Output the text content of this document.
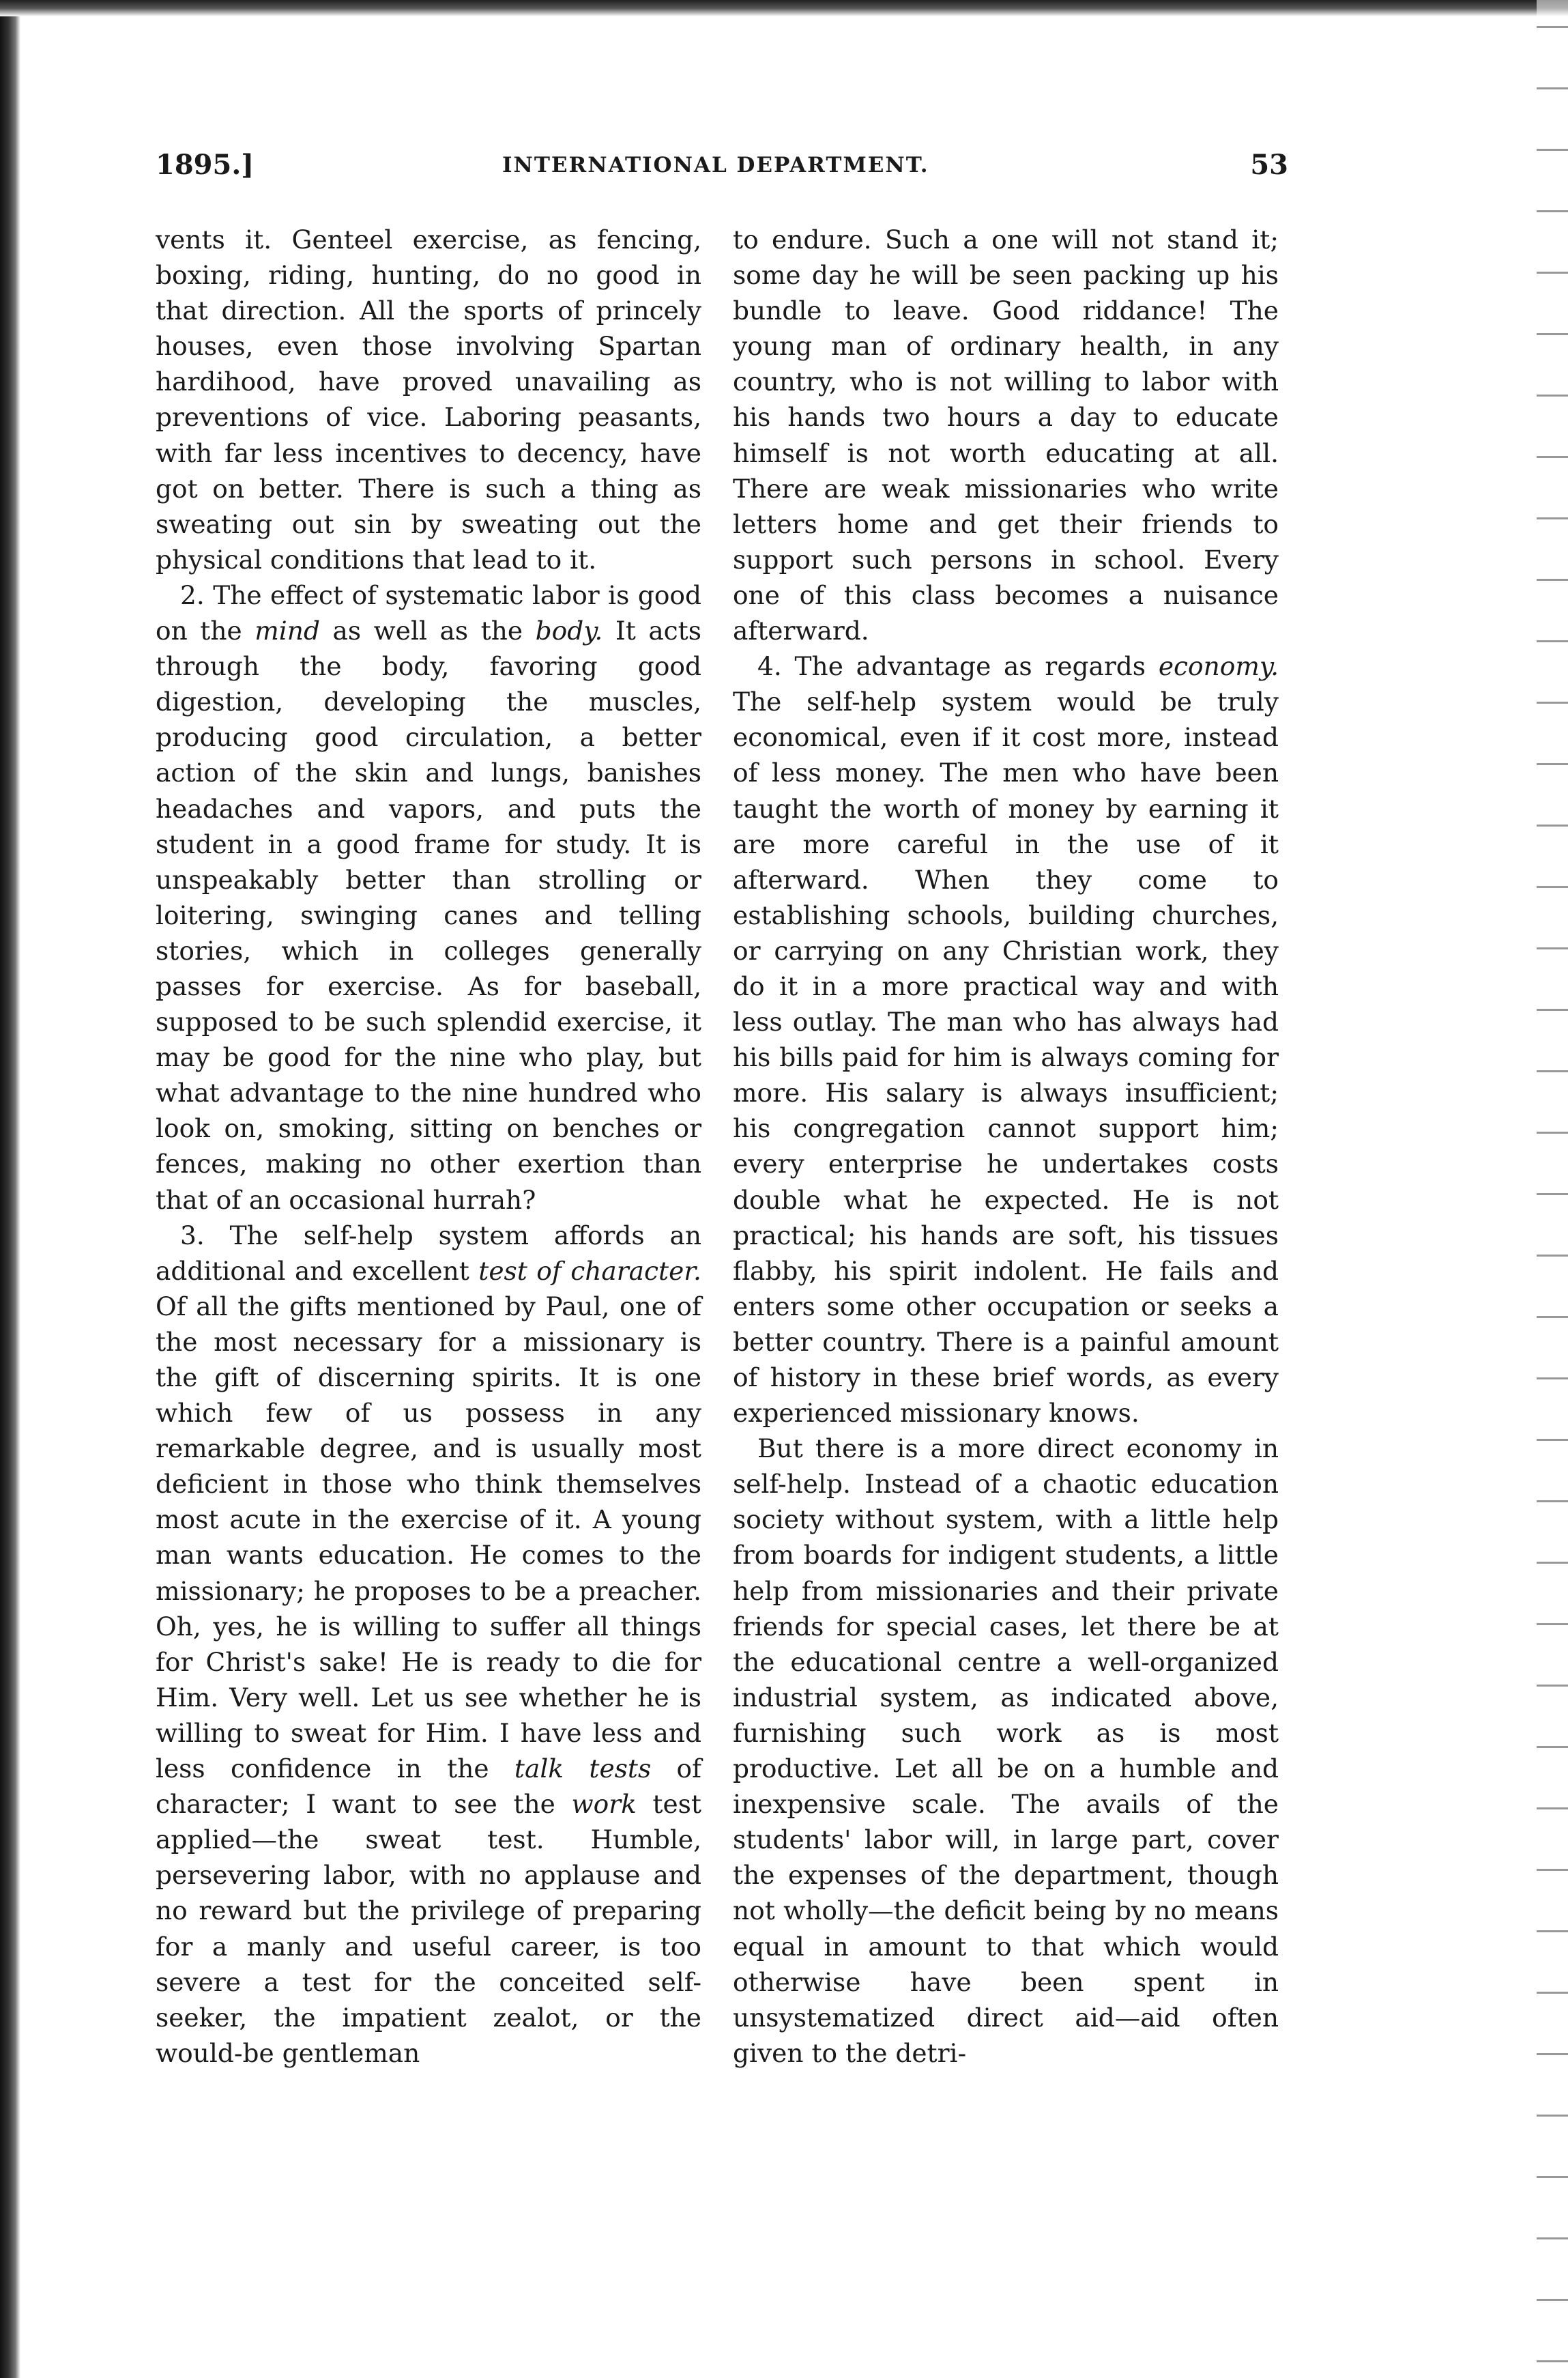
1895.]	INTERNATIONAL DEPARTMENT.	53

vents it. Genteel exercise, as fencing, boxing, riding, hunting, do no good in that direction. All the sports of princely houses, even those involving Spartan hardihood, have proved unavailing as preventions of vice. Laboring peasants, with far less incentives to decency, have got on better. There is such a thing as sweating out sin by sweating out the physical conditions that lead to it.

2. The effect of systematic labor is good on the mind as well as the body. It acts through the body, favoring good digestion, developing the muscles, producing good circulation, a better action of the skin and lungs, banishes headaches and vapors, and puts the student in a good frame for study. It is unspeakably better than strolling or loitering, swinging canes and telling stories, which in colleges generally passes for exercise. As for baseball, supposed to be such splendid exercise, it may be good for the nine who play, but what advantage to the nine hundred who look on, smoking, sitting on benches or fences, making no other exertion than that of an occasional hurrah?

3. The self-help system affords an additional and excellent test of character. Of all the gifts mentioned by Paul, one of the most necessary for a missionary is the gift of discerning spirits. It is one which few of us possess in any remarkable degree, and is usually most deficient in those who think themselves most acute in the exercise of it. A young man wants education. He comes to the missionary; he proposes to be a preacher. Oh, yes, he is willing to suffer all things for Christ's sake! He is ready to die for Him. Very well. Let us see whether he is willing to sweat for Him. I have less and less confidence in the talk tests of character; I want to see the work test applied—the sweat test. Humble, persevering labor, with no applause and no reward but the privilege of preparing for a manly and useful career, is too severe a test for the conceited self-seeker, the impatient zealot, or the would-be gentleman

to endure. Such a one will not stand it; some day he will be seen packing up his bundle to leave. Good riddance! The young man of ordinary health, in any country, who is not willing to labor with his hands two hours a day to educate himself is not worth educating at all. There are weak missionaries who write letters home and get their friends to support such persons in school. Every one of this class becomes a nuisance afterward.

4. The advantage as regards economy. The self-help system would be truly economical, even if it cost more, instead of less money. The men who have been taught the worth of money by earning it are more careful in the use of it afterward. When they come to establishing schools, building churches, or carrying on any Christian work, they do it in a more practical way and with less outlay. The man who has always had his bills paid for him is always coming for more. His salary is always insufficient; his congregation cannot support him; every enterprise he undertakes costs double what he expected. He is not practical; his hands are soft, his tissues flabby, his spirit indolent. He fails and enters some other occupation or seeks a better country. There is a painful amount of history in these brief words, as every experienced missionary knows.

But there is a more direct economy in self-help. Instead of a chaotic education society without system, with a little help from boards for indigent students, a little help from missionaries and their private friends for special cases, let there be at the educational centre a well-organized industrial system, as indicated above, furnishing such work as is most productive. Let all be on a humble and inexpensive scale. The avails of the students' labor will, in large part, cover the expenses of the department, though not wholly—the deficit being by no means equal in amount to that which would otherwise have been spent in unsystematized direct aid—aid often given to the detri-
